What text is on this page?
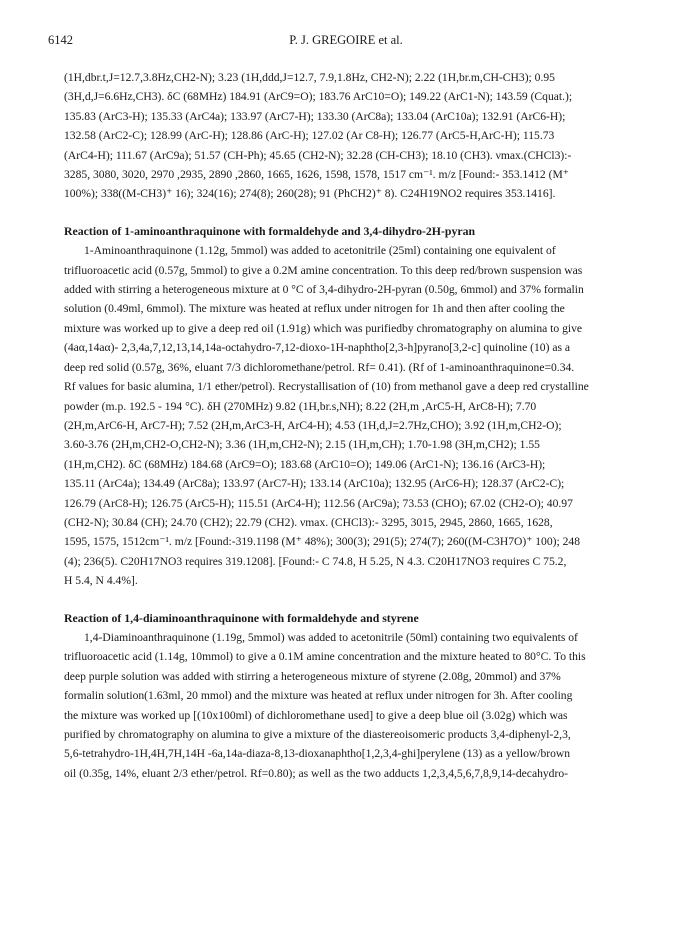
6142	P. J. GREGOIRE et al.
(1H,dbr.t,J=12.7,3.8Hz,CH2-N); 3.23 (1H,ddd,J=12.7, 7.9,1.8Hz, CH2-N); 2.22 (1H,br.m,CH-CH3); 0.95
(3H,d,J=6.6Hz,CH3). δC (68MHz) 184.91 (ArC9=O); 183.76 ArC10=O); 149.22 (ArC1-N); 143.59 (Cquat.);
135.83 (ArC3-H); 135.33 (ArC4a); 133.97 (ArC7-H); 133.30 (ArC8a); 133.04 (ArC10a); 132.91 (ArC6-H);
132.58 (ArC2-C); 128.99 (ArC-H); 128.86 (ArC-H); 127.02 (Ar C8-H); 126.77 (ArC5-H,ArC-H); 115.73
(ArC4-H); 111.67 (ArC9a); 51.57 (CH-Ph); 45.65 (CH2-N); 32.28 (CH-CH3); 18.10 (CH3). νmax.(CHCl3):-
3285, 3080, 3020, 2970 ,2935, 2890 ,2860, 1665, 1626, 1598, 1578, 1517 cm⁻¹. m/z [Found:- 353.1412 (M⁺
100%); 338((M-CH3)⁺ 16); 324(16); 274(8); 260(28); 91 (PhCH2)⁺ 8). C24H19NO2 requires 353.1416].
Reaction of 1-aminoanthraquinone with formaldehyde and 3,4-dihydro-2H-pyran
1-Aminoanthraquinone (1.12g, 5mmol) was added to acetonitrile (25ml) containing one equivalent of
trifluoroacetic acid (0.57g, 5mmol) to give a 0.2M amine concentration. To this deep red/brown suspension was
added with stirring a heterogeneous mixture at 0 °C of 3,4-dihydro-2H-pyran (0.50g, 6mmol) and 37% formalin
solution (0.49ml, 6mmol). The mixture was heated at reflux under nitrogen for 1h and then after cooling the
mixture was worked up to give a deep red oil (1.91g) which was purifiedby chromatography on alumina to give
(4aα,14aα)- 2,3,4a,7,12,13,14,14a-octahydro-7,12-dioxo-1H-naphtho[2,3-h]pyrano[3,2-c] quinoline (10) as a
deep red solid (0.57g, 36%, eluant 7/3 dichloromethane/petrol. Rf= 0.41). (Rf of 1-aminoanthraquinone=0.34.
Rf values for basic alumina, 1/1 ether/petrol). Recrystallisation of (10) from methanol gave a deep red crystalline
powder (m.p. 192.5 - 194 °C). δH (270MHz) 9.82 (1H,br.s,NH); 8.22 (2H,m ,ArC5-H, ArC8-H); 7.70
(2H,m,ArC6-H, ArC7-H); 7.52 (2H,m,ArC3-H, ArC4-H); 4.53 (1H,d,J=2.7Hz,CHO); 3.92 (1H,m,CH2-O);
3.60-3.76 (2H,m,CH2-O,CH2-N); 3.36 (1H,m,CH2-N); 2.15 (1H,m,CH); 1.70-1.98 (3H,m,CH2); 1.55
(1H,m,CH2). δC (68MHz) 184.68 (ArC9=O); 183.68 (ArC10=O); 149.06 (ArC1-N); 136.16 (ArC3-H);
135.11 (ArC4a); 134.49 (ArC8a); 133.97 (ArC7-H); 133.14 (ArC10a); 132.95 (ArC6-H); 128.37 (ArC2-C);
126.79 (ArC8-H); 126.75 (ArC5-H); 115.51 (ArC4-H); 112.56 (ArC9a); 73.53 (CHO); 67.02 (CH2-O); 40.97
(CH2-N); 30.84 (CH); 24.70 (CH2); 22.79 (CH2). νmax. (CHCl3):- 3295, 3015, 2945, 2860, 1665, 1628,
1595, 1575, 1512cm⁻¹. m/z [Found:-319.1198 (M⁺ 48%); 300(3); 291(5); 274(7); 260((M-C3H7O)⁺ 100); 248
(4); 236(5). C20H17NO3 requires 319.1208]. [Found:- C 74.8, H 5.25, N 4.3. C20H17NO3 requires C 75.2,
H 5.4, N 4.4%].
Reaction of 1,4-diaminoanthraquinone with formaldehyde and styrene
1,4-Diaminoanthraquinone (1.19g, 5mmol) was added to acetonitrile (50ml) containing two equivalents of
trifluoroacetic acid (1.14g, 10mmol) to give a 0.1M amine concentration and the mixture heated to 80°C. To this
deep purple solution was added with stirring a heterogeneous mixture of styrene (2.08g, 20mmol) and 37%
formalin solution(1.63ml, 20 mmol) and the mixture was heated at reflux under nitrogen for 3h. After cooling
the mixture was worked up [(10x100ml) of dichloromethane used] to give a deep blue oil (3.02g) which was
purified by chromatography on alumina to give a mixture of the diastereoisomeric products 3,4-diphenyl-2,3,
5,6-tetrahydro-1H,4H,7H,14H -6a,14a-diaza-8,13-dioxanaphtho[1,2,3,4-ghi]perylene (13) as a yellow/brown
oil (0.35g, 14%, eluant 2/3 ether/petrol. Rf=0.80); as well as the two adducts 1,2,3,4,5,6,7,8,9,14-decahydro-
